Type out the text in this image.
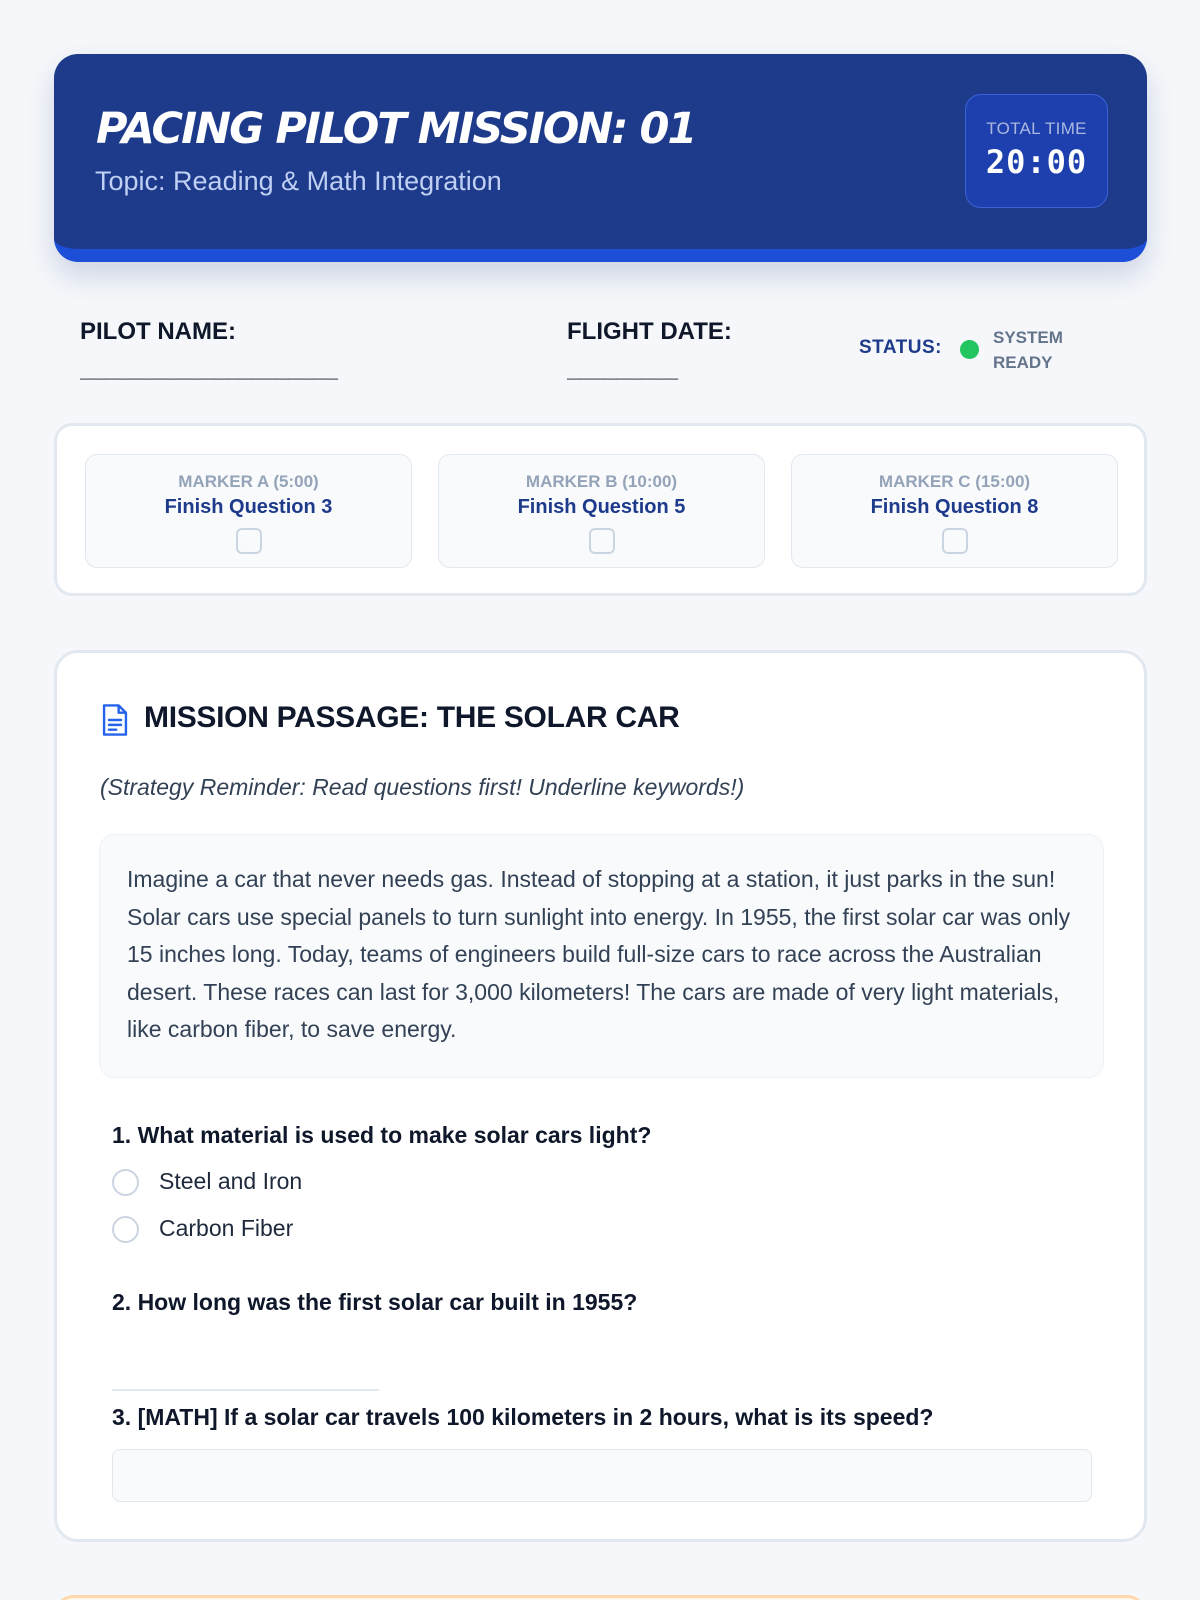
PACING PILOT MISSION: 01
Topic: Reading & Math Integration
TOTAL TIME
20:00
PILOT NAME:
_____________________
FLIGHT DATE:
_________
STATUS:	SYSTEM READY
MARKER A (5:00)
Finish Question 3
MARKER B (10:00)
Finish Question 5
MARKER C (15:00)
Finish Question 8
MISSION PASSAGE: THE SOLAR CAR
(Strategy Reminder: Read questions first! Underline keywords!)
Imagine a car that never needs gas. Instead of stopping at a station, it just parks in the sun! Solar cars use special panels to turn sunlight into energy. In 1955, the first solar car was only 15 inches long. Today, teams of engineers build full-size cars to race across the Australian desert. These races can last for 3,000 kilometers! The cars are made of very light materials, like carbon fiber, to save energy.
1. What material is used to make solar cars light?
Steel and Iron
Carbon Fiber
2. How long was the first solar car built in 1955?
3. [MATH] If a solar car travels 100 kilometers in 2 hours, what is its speed?
